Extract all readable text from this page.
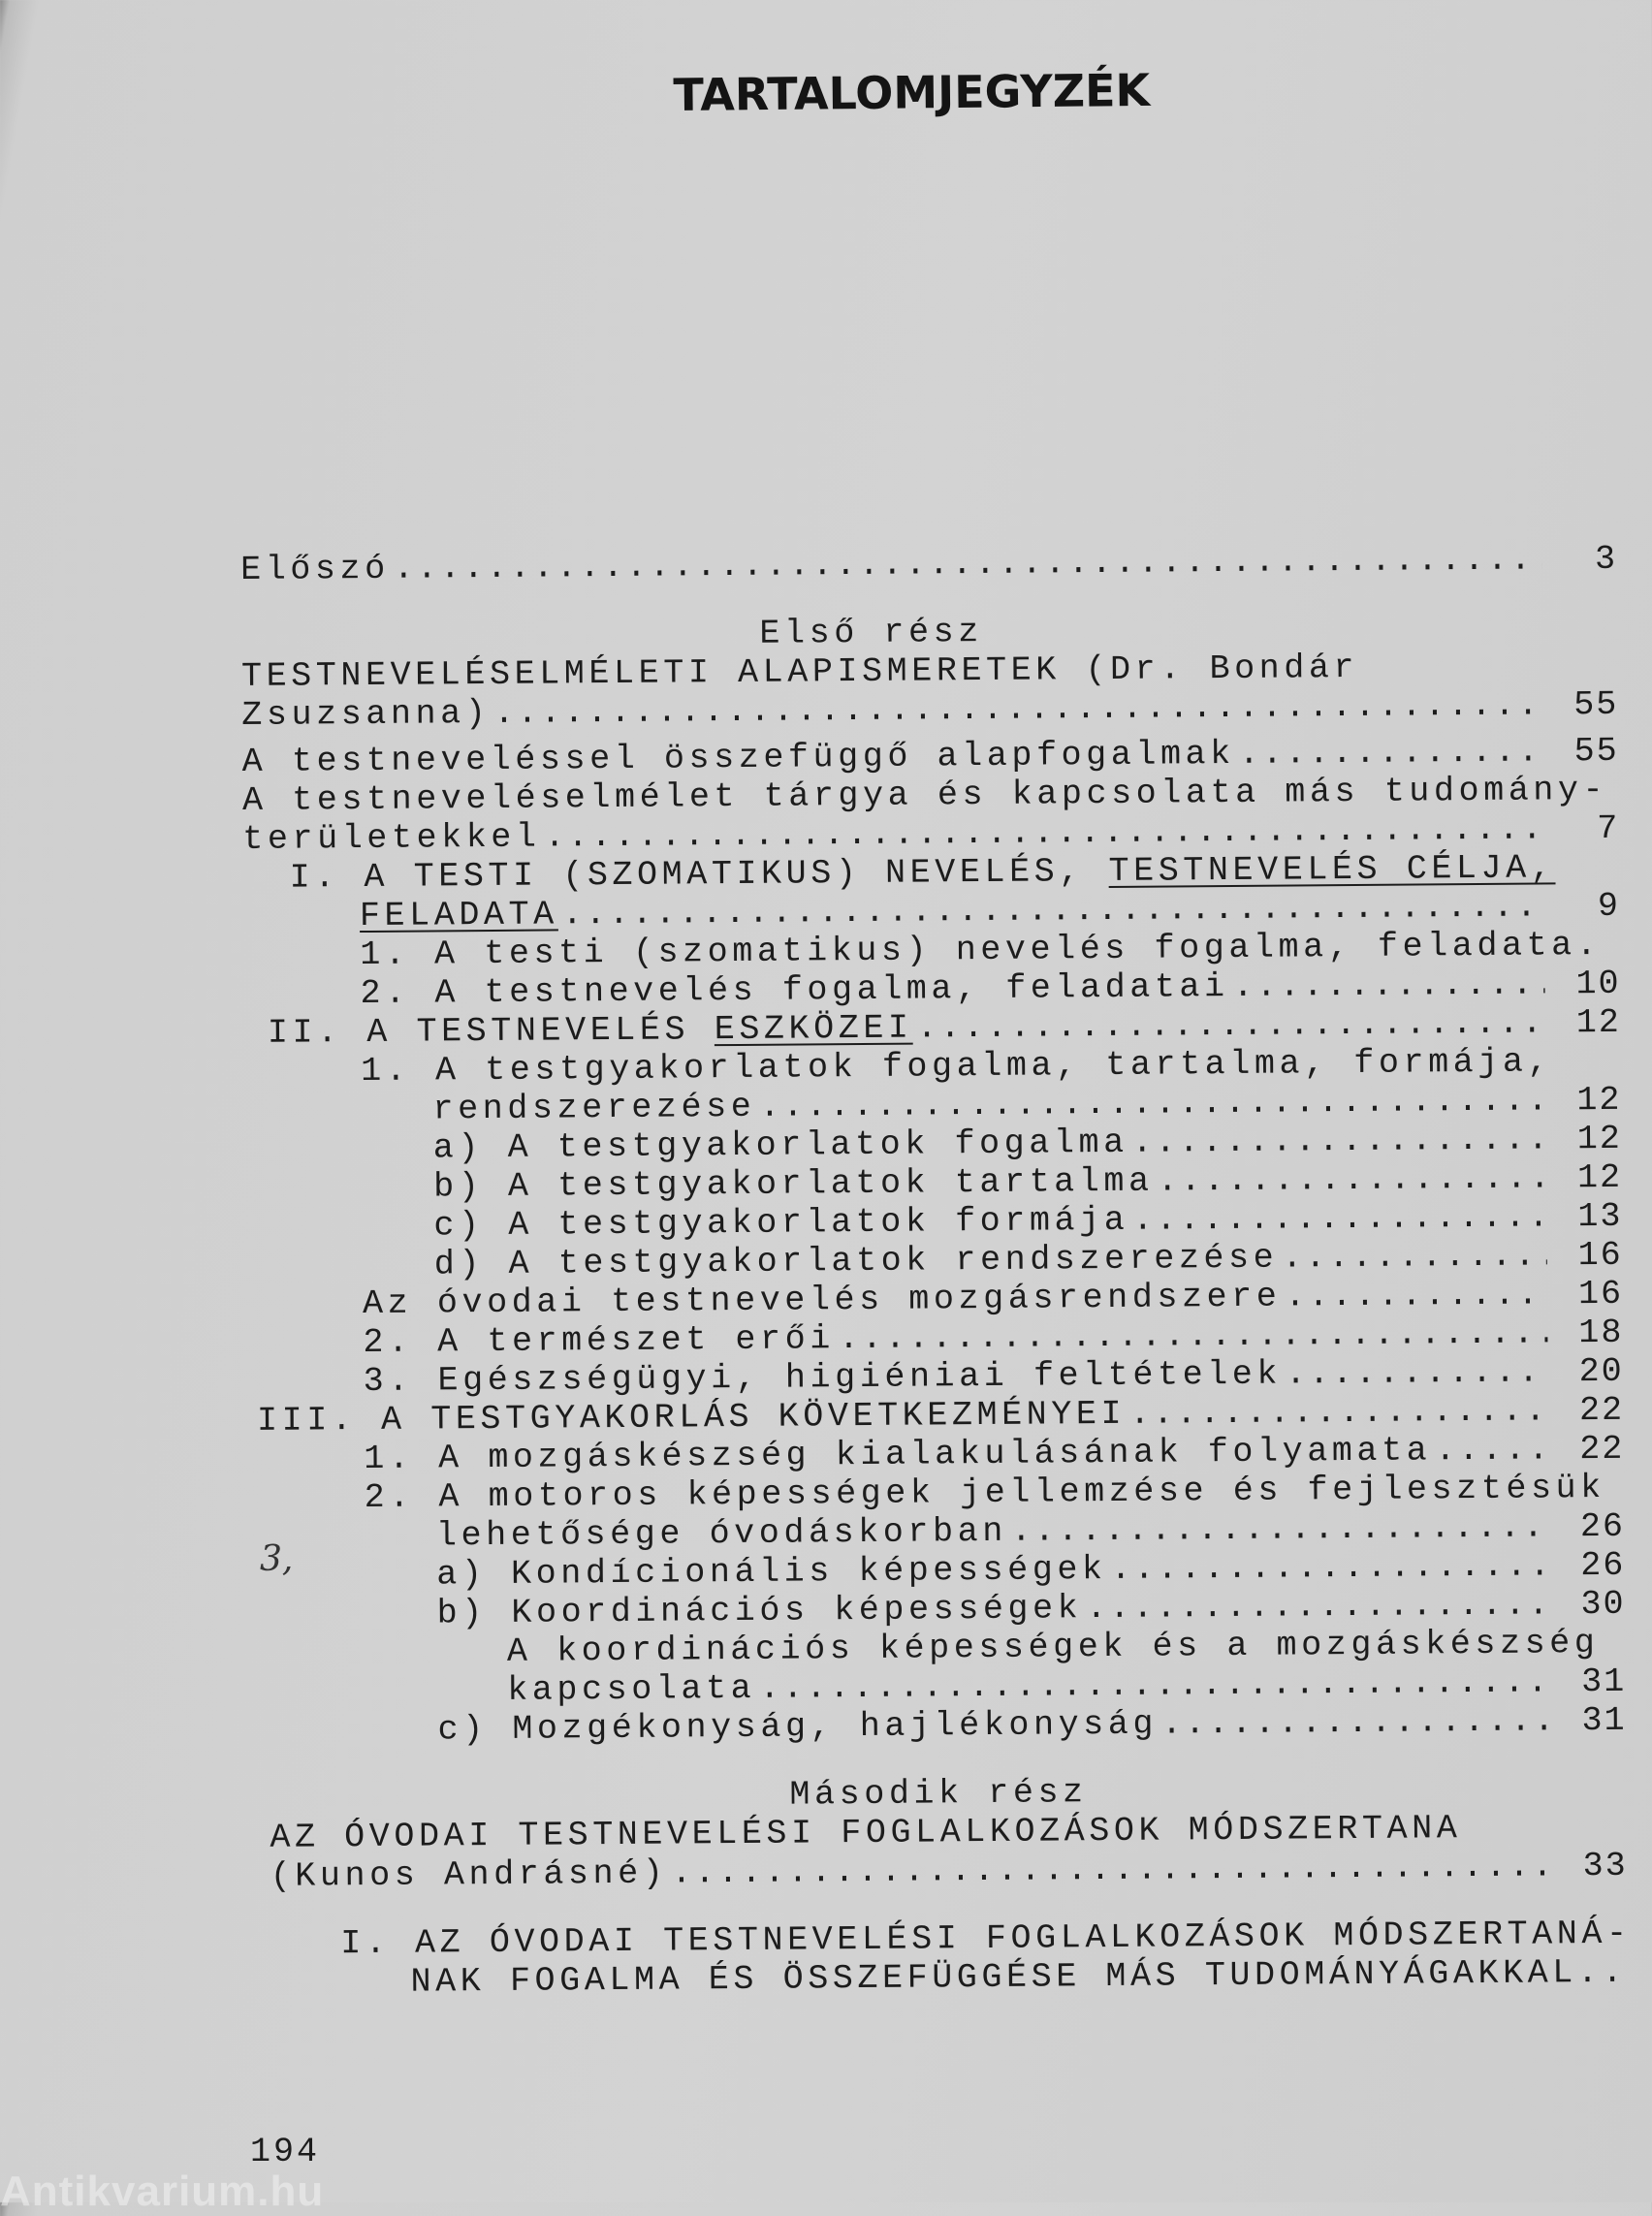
TARTALOMJEGYZÉK
Előszó .....	3
Első rész
TESTNEVELÉSELMÉLETI ALAPISMERETEK (Dr. Bondár
Zsuzsanna) .....	55
A testneveléssel összefüggő alapfogalmak .....	55
A testneveléselmélet tárgya és kapcsolata más tudomány-
területekkel .....	7
I. A TESTI (SZOMATIKUS) NEVELÉS, TESTNEVELÉS CÉLJA,
FELADATA .....	9
1. A testi (szomatikus) nevelés fogalma, feladata.
.....
2. A testnevelés fogalma, feladatai .....	10
II. A TESTNEVELÉS ESZKÖZEI .....	12
1. A testgyakorlatok fogalma, tartalma, formája,
rendszerezése .....	12
a) A testgyakorlatok fogalma .....	12
b) A testgyakorlatok tartalma .....	12
c) A testgyakorlatok formája .....	13
d) A testgyakorlatok rendszerezése .....	16
Az óvodai testnevelés mozgásrendszere .....	16
2. A természet erői .....	18
3. Egészségügyi, higiéniai feltételek .....	20
III. A TESTGYAKORLÁS KÖVETKEZMÉNYEI .....	22
1. A mozgáskészség kialakulásának folyamata .....	22
2. A motoros képességek jellemzése és fejlesztésük
lehetősége óvodáskorban .....	26
a) Kondícionális képességek .....	26
b) Koordinációs képességek .....	30
A koordinációs képességek és a mozgáskészség
kapcsolata .....	31
c) Mozgékonyság, hajlékonyság .....	31
Második rész
AZ ÓVODAI TESTNEVELÉSI FOGLALKOZÁSOK MÓDSZERTANA
(Kunos Andrásné) .....	33
I. AZ ÓVODAI TESTNEVELÉSI FOGLALKOZÁSOK MÓDSZERTANÁ-
NAK FOGALMA ÉS ÖSSZEFÜGGÉSE MÁS TUDOMÁNYÁGAKKAL..
3,
194
Antikvarium.hu
